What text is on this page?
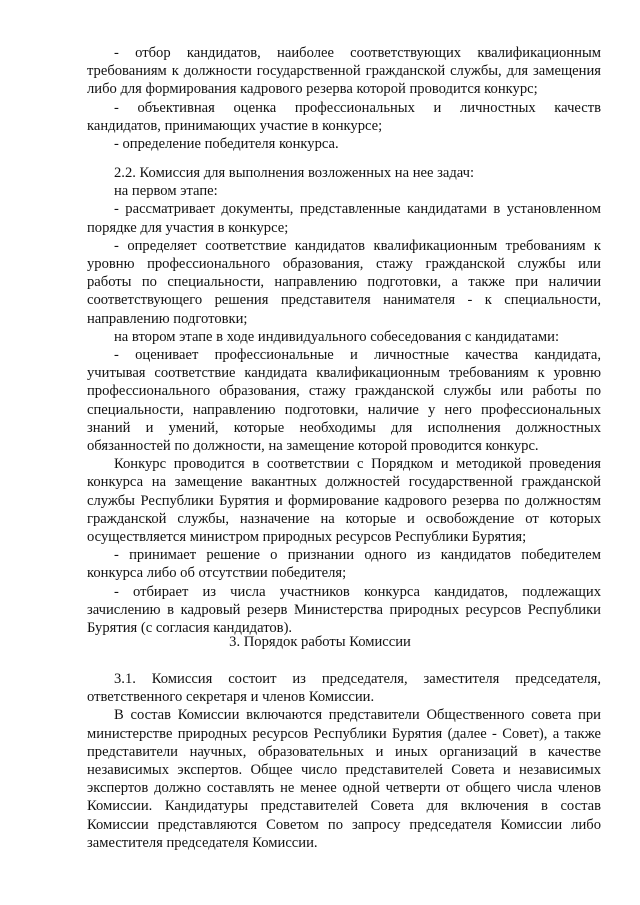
- отбор кандидатов, наиболее соответствующих квалификационным
требованиям к должности государственной гражданской службы, для замещения
либо для формирования кадрового резерва которой проводится конкурс;
- объективная оценка профессиональных и личностных качеств
кандидатов, принимающих участие в конкурсе;
- определение победителя конкурса.
2.2. Комиссия для выполнения возложенных на нее задач:
на первом этапе:
- рассматривает документы, представленные кандидатами в установленном
порядке для участия в конкурсе;
- определяет соответствие кандидатов квалификационным требованиям к
уровню профессионального образования, стажу гражданской службы или
работы по специальности, направлению подготовки, а также при наличии
соответствующего решения представителя нанимателя - к специальности,
направлению подготовки;
на втором этапе в ходе индивидуального собеседования с кандидатами:
- оценивает профессиональные и личностные качества кандидата,
учитывая соответствие кандидата квалификационным требованиям к уровню
профессионального образования, стажу гражданской службы или работы по
специальности, направлению подготовки, наличие у него профессиональных
знаний и умений, которые необходимы для исполнения должностных
обязанностей по должности, на замещение которой проводится конкурс.
Конкурс проводится в соответствии с Порядком и методикой проведения
конкурса на замещение вакантных должностей государственной гражданской
службы Республики Бурятия и формирование кадрового резерва по должностям
гражданской службы, назначение на которые и освобождение от которых
осуществляется министром природных ресурсов Республики Бурятия;
- принимает решение о признании одного из кандидатов победителем
конкурса либо об отсутствии победителя;
- отбирает из числа участников конкурса кандидатов, подлежащих
зачислению в кадровый резерв Министерства природных ресурсов Республики
Бурятия (с согласия кандидатов).
3. Порядок работы Комиссии
3.1. Комиссия состоит из председателя, заместителя председателя,
ответственного секретаря и членов Комиссии.
В состав Комиссии включаются представители Общественного совета при
министерстве природных ресурсов Республики Бурятия (далее - Совет), а также
представители научных, образовательных и иных организаций в качестве
независимых экспертов. Общее число представителей Совета и независимых
экспертов должно составлять не менее одной четверти от общего числа членов
Комиссии. Кандидатуры представителей Совета для включения в состав
Комиссии представляются Советом по запросу председателя Комиссии либо
заместителя председателя Комиссии.
